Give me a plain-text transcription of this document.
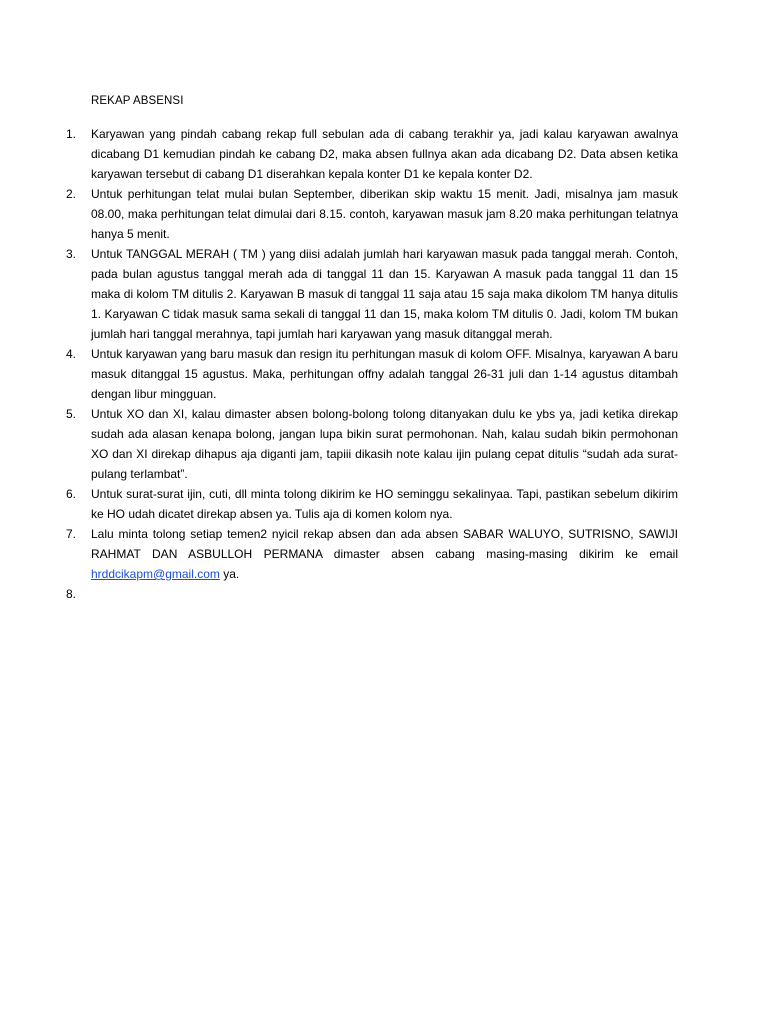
REKAP ABSENSI
1.	Karyawan yang pindah cabang rekap full sebulan ada di cabang terakhir ya, jadi kalau karyawan awalnya dicabang D1 kemudian pindah ke cabang D2, maka absen fullnya akan ada dicabang D2. Data absen ketika karyawan tersebut di cabang D1 diserahkan kepala konter D1 ke kepala konter D2.
2.	Untuk perhitungan telat mulai bulan September, diberikan skip waktu 15 menit. Jadi, misalnya jam masuk 08.00, maka perhitungan telat dimulai dari 8.15. contoh, karyawan masuk jam 8.20 maka perhitungan telatnya hanya 5 menit.
3.	Untuk TANGGAL MERAH ( TM ) yang diisi adalah jumlah hari karyawan masuk pada tanggal merah. Contoh, pada bulan agustus tanggal merah ada di tanggal 11 dan 15. Karyawan A masuk pada tanggal 11 dan 15 maka di kolom TM ditulis 2. Karyawan B masuk di tanggal 11 saja atau 15 saja maka dikolom TM hanya ditulis 1. Karyawan C tidak masuk sama sekali di tanggal 11 dan 15, maka kolom TM ditulis 0. Jadi, kolom TM bukan jumlah hari tanggal merahnya, tapi jumlah hari karyawan yang masuk ditanggal merah.
4.	Untuk karyawan yang baru masuk dan resign itu perhitungan masuk di kolom OFF. Misalnya, karyawan A baru masuk ditanggal 15 agustus. Maka, perhitungan offny adalah tanggal 26-31 juli dan 1-14 agustus ditambah dengan libur mingguan.
5.	Untuk XO dan XI, kalau dimaster absen bolong-bolong tolong ditanyakan dulu ke ybs ya, jadi ketika direkap sudah ada alasan kenapa bolong, jangan lupa bikin surat permohonan. Nah, kalau sudah bikin permohonan XO dan XI direkap dihapus aja diganti jam, tapiii dikasih note kalau ijin pulang cepat ditulis “sudah ada surat-pulang terlambat”.
6.	Untuk surat-surat ijin, cuti, dll minta tolong dikirim ke HO seminggu sekalinyaa. Tapi, pastikan sebelum dikirim ke HO udah dicatet direkap absen ya. Tulis aja di komen kolom nya.
7.	Lalu minta tolong setiap temen2 nyicil rekap absen dan ada absen SABAR WALUYO, SUTRISNO, SAWIJI RAHMAT DAN ASBULLOH PERMANA dimaster absen cabang masing-masing dikirim ke email hrddcikapm@gmail.com ya.
8.
